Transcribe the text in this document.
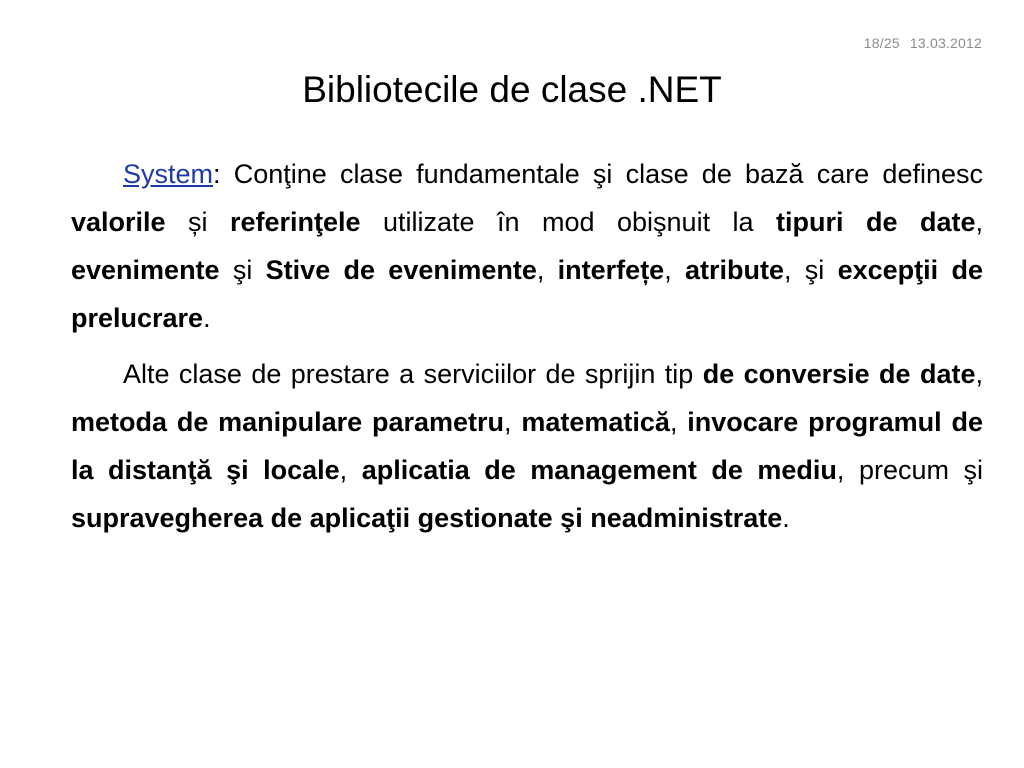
18/25 13.03.2012
Bibliotecile de clase .NET

System: Conţine clase fundamentale şi clase de bază care definesc valorile și referinţele utilizate în mod obişnuit la tipuri de date, evenimente şi Stive de evenimente, interfețe, atribute, şi excepţii de prelucrare.

Alte clase de prestare a serviciilor de sprijin tip de conversie de date, metoda de manipulare parametru, matematică, invocare programul de la distanţă şi locale, aplicatia de management de mediu, precum şi supravegherea de aplicaţii gestionate şi neadministrate.
